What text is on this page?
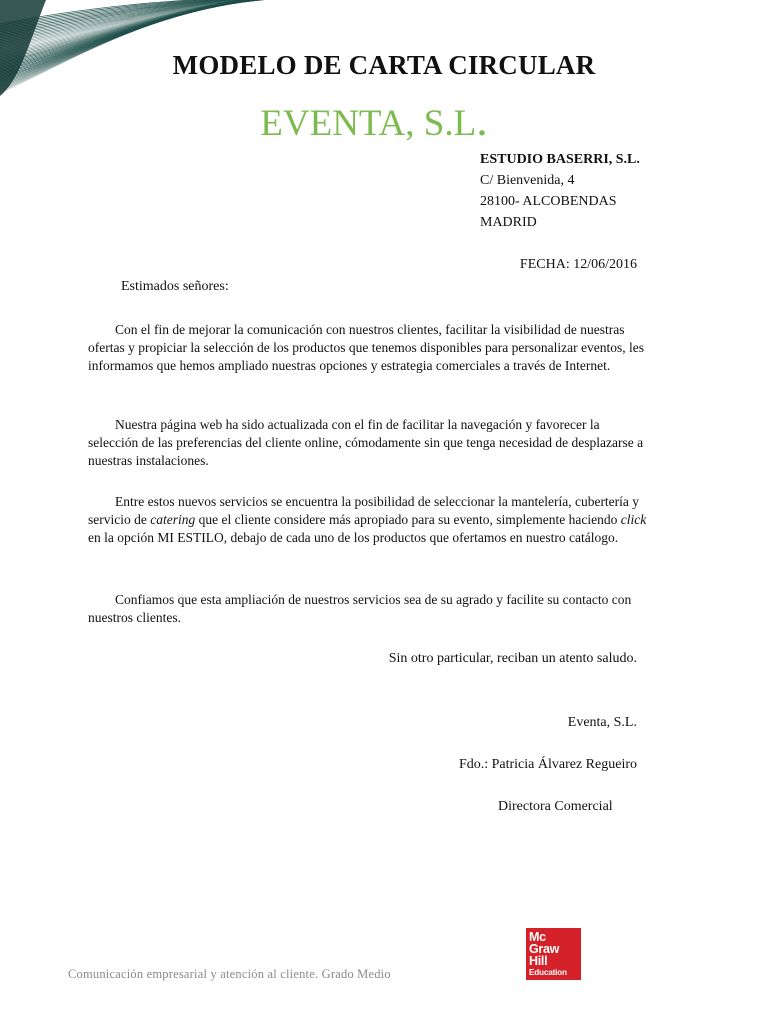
MODELO DE CARTA CIRCULAR
EVENTA, S.L.
ESTUDIO BASERRI, S.L.
C/ Bienvenida, 4
28100- ALCOBENDAS
MADRID
FECHA: 12/06/2016
Estimados señores:

Con el fin de mejorar la comunicación con nuestros clientes, facilitar la visibilidad de nuestras ofertas y propiciar la selección de los productos que tenemos disponibles para personalizar eventos, les informamos que hemos ampliado nuestras opciones y estrategia comerciales a través de Internet.

Nuestra página web ha sido actualizada con el fin de facilitar la navegación y favorecer la selección de las preferencias del cliente online, cómodamente sin que tenga necesidad de desplazarse a nuestras instalaciones.

Entre estos nuevos servicios se encuentra la posibilidad de seleccionar la mantelería, cubertería y servicio de catering que el cliente considere más apropiado para su evento, simplemente haciendo click en la opción MI ESTILO, debajo de cada uno de los productos que ofertamos en nuestro catálogo.

Confiamos que esta ampliación de nuestros servicios sea de su agrado y facilite su contacto con nuestros clientes.

Sin otro particular, reciban un atento saludo.
Eventa, S.L.
Fdo.: Patricia Álvarez Regueiro
Directora Comercial
Comunicación empresarial y atención al cliente. Grado Medio
Mc
Graw
Hill
Education
